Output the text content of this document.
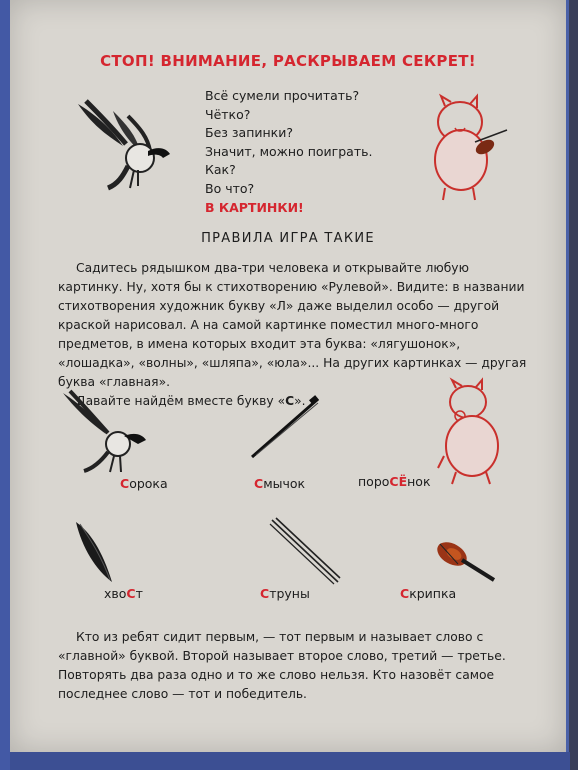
СТОП! ВНИМАНИЕ, РАСКРЫВАЕМ СЕКРЕТ!
Всё сумели прочитать?
Чётко?
Без запинки?
Значит, можно поиграть.
Как?
Во что?
В КАРТИНКИ!
ПРАВИЛА ИГРА ТАКИЕ

Садитесь рядышком два-три человека и открывайте любую картинку. Ну, хотя бы к стихотворению «Рулевой». Видите: в названии стихотворения художник букву «Л» даже выделил особо — другой краской нарисовал. А на самой картинке поместил много-много предметов, в имена которых входит эта буква: «лягушонок», «лошадка», «волны», «шляпа», «юла»... На других картинках — другая буква «главная».

Давайте найдём вместе букву «С».

Сорока	Смычок	пороСЁнок
хвоСт	Струны	Скрипка

Кто из ребят сидит первым, — тот первым и называет слово с «главной» буквой. Второй называет второе слово, третий — третье. Повторять два раза одно и то же слово нельзя. Кто назовёт самое последнее слово — тот и победитель.
